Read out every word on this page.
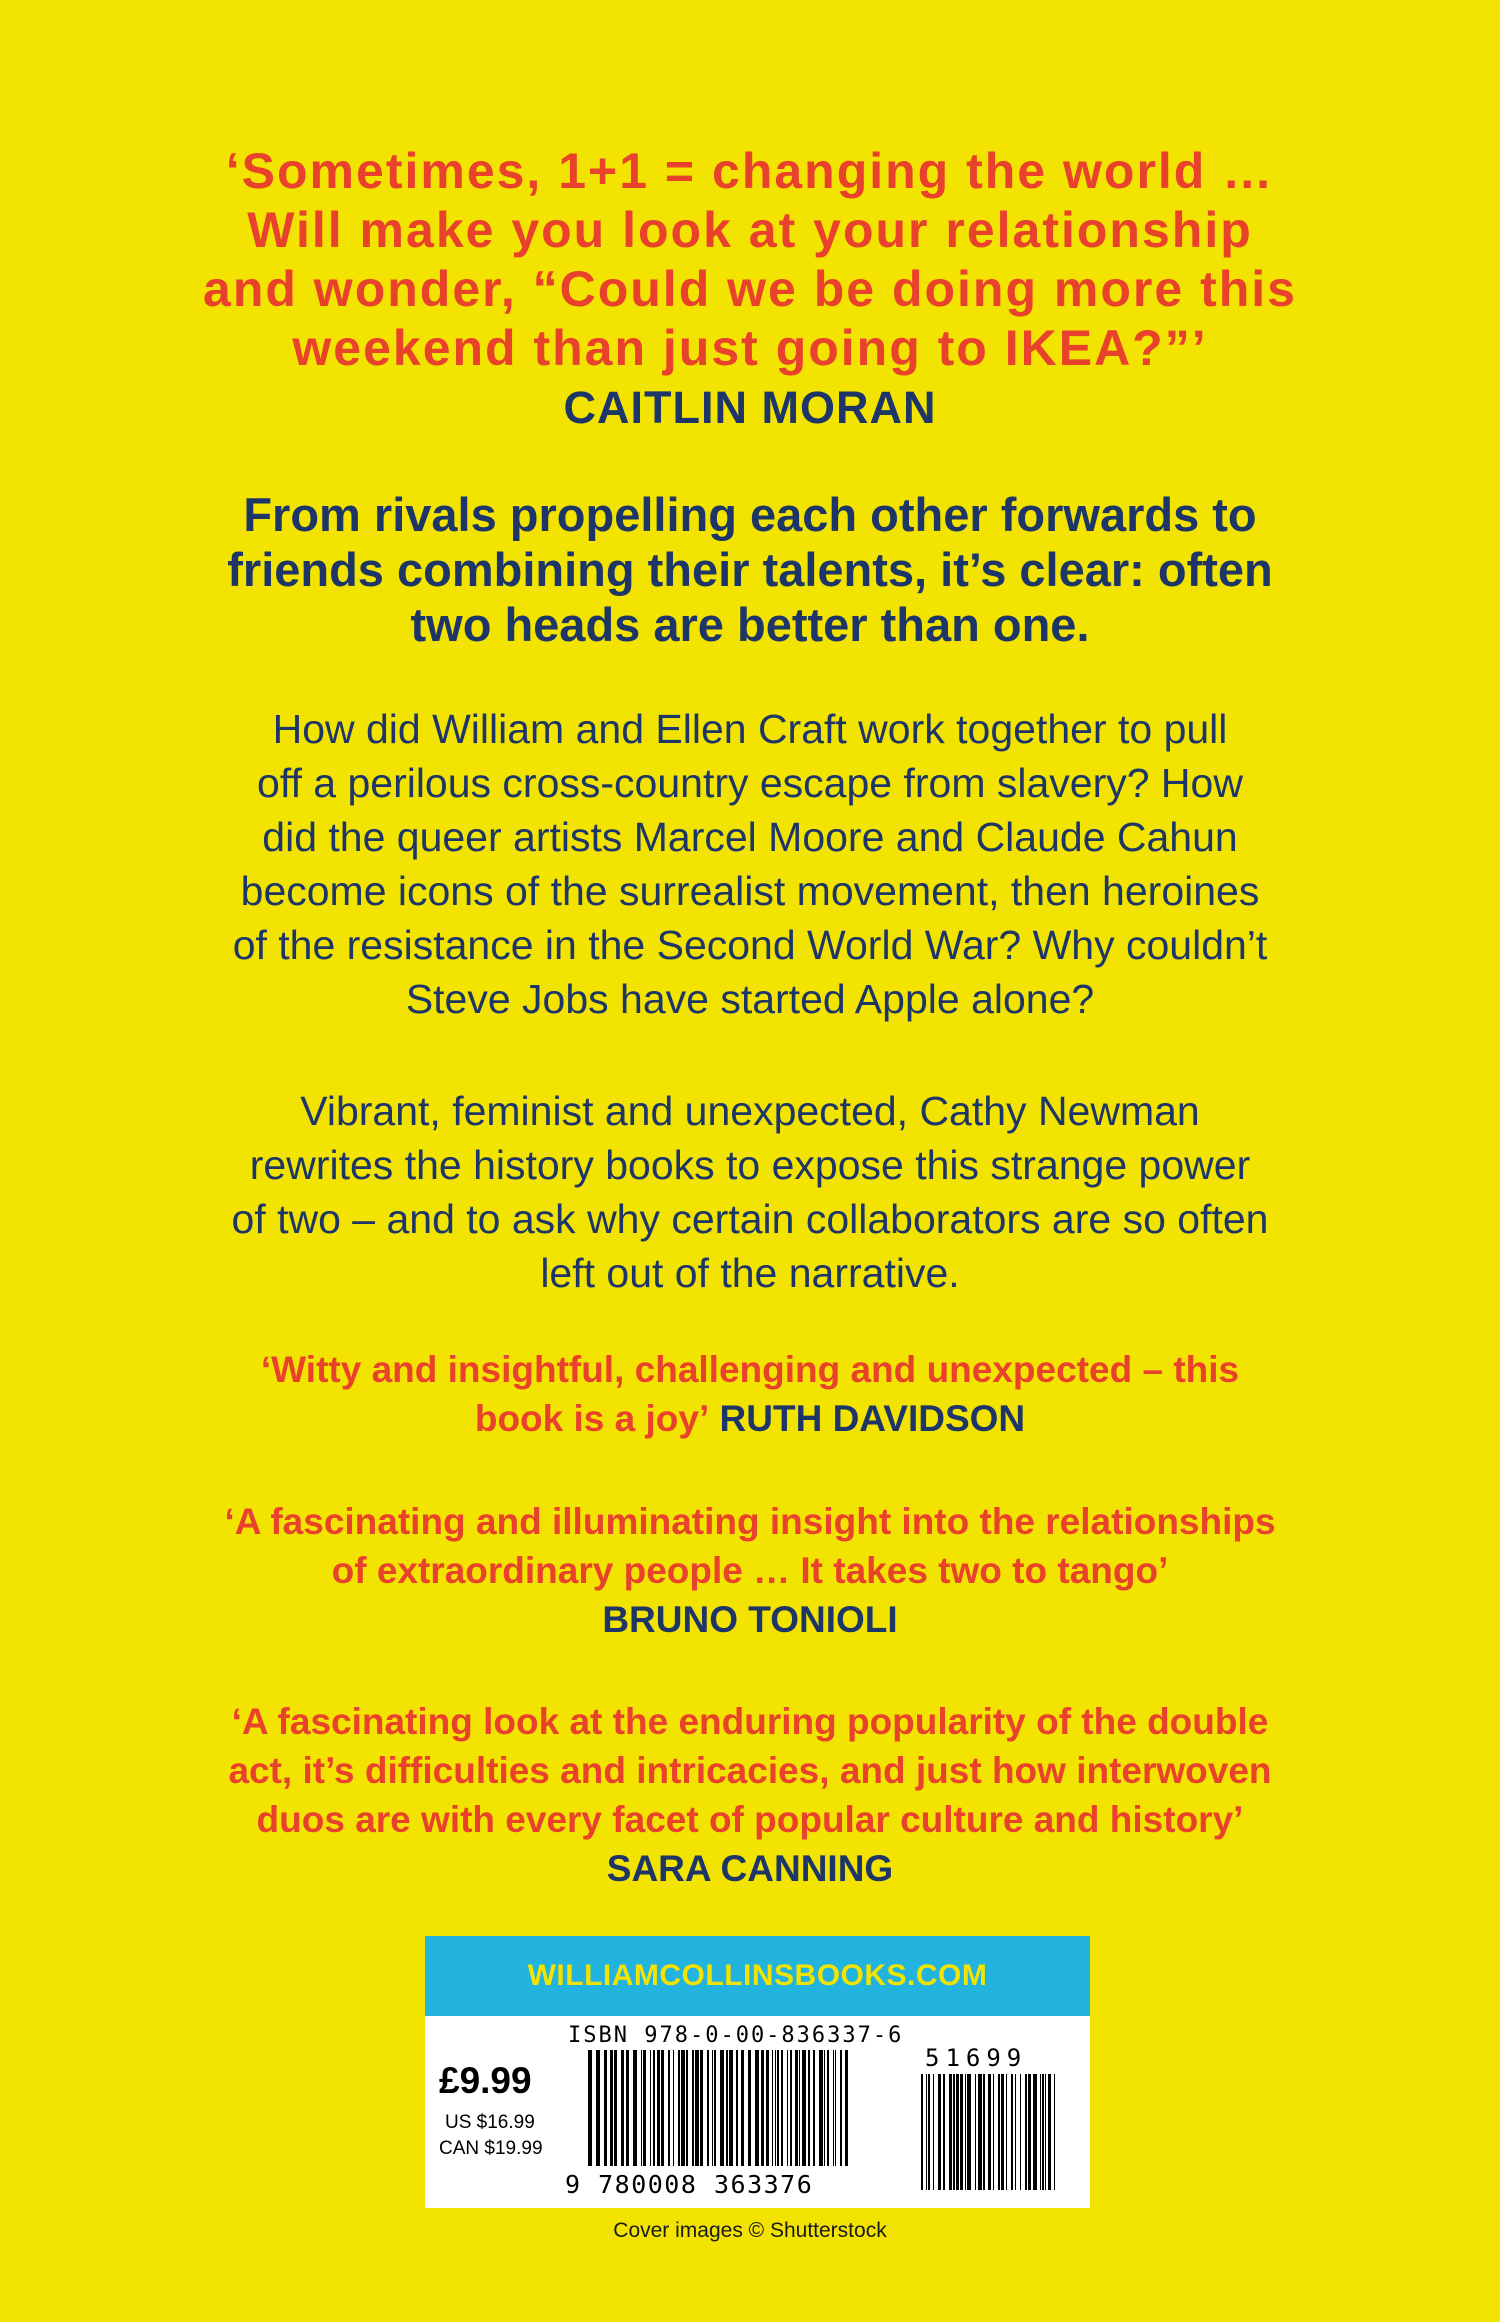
‘Sometimes, 1+1 = changing the world …
Will make you look at your relationship
and wonder, “Could we be doing more this
weekend than just going to IKEA?”’
CAITLIN MORAN
From rivals propelling each other forwards to
friends combining their talents, it’s clear: often
two heads are better than one.
How did William and Ellen Craft work together to pull
off a perilous cross-country escape from slavery? How
did the queer artists Marcel Moore and Claude Cahun
become icons of the surrealist movement, then heroines
of the resistance in the Second World War? Why couldn’t
Steve Jobs have started Apple alone?
Vibrant, feminist and unexpected, Cathy Newman
rewrites the history books to expose this strange power
of two – and to ask why certain collaborators are so often
left out of the narrative.
‘Witty and insightful, challenging and unexpected – this
book is a joy’ RUTH DAVIDSON
‘A fascinating and illuminating insight into the relationships
of extraordinary people … It takes two to tango’
BRUNO TONIOLI
‘A fascinating look at the enduring popularity of the double
act, it’s difficulties and intricacies, and just how interwoven
duos are with every facet of popular culture and history’
SARA CANNING
WILLIAMCOLLINSBOOKS.COM
ISBN 978-0-00-836337-6
£9.99
US $16.99
CAN $19.99
51699
9 780008 363376
Cover images © Shutterstock
